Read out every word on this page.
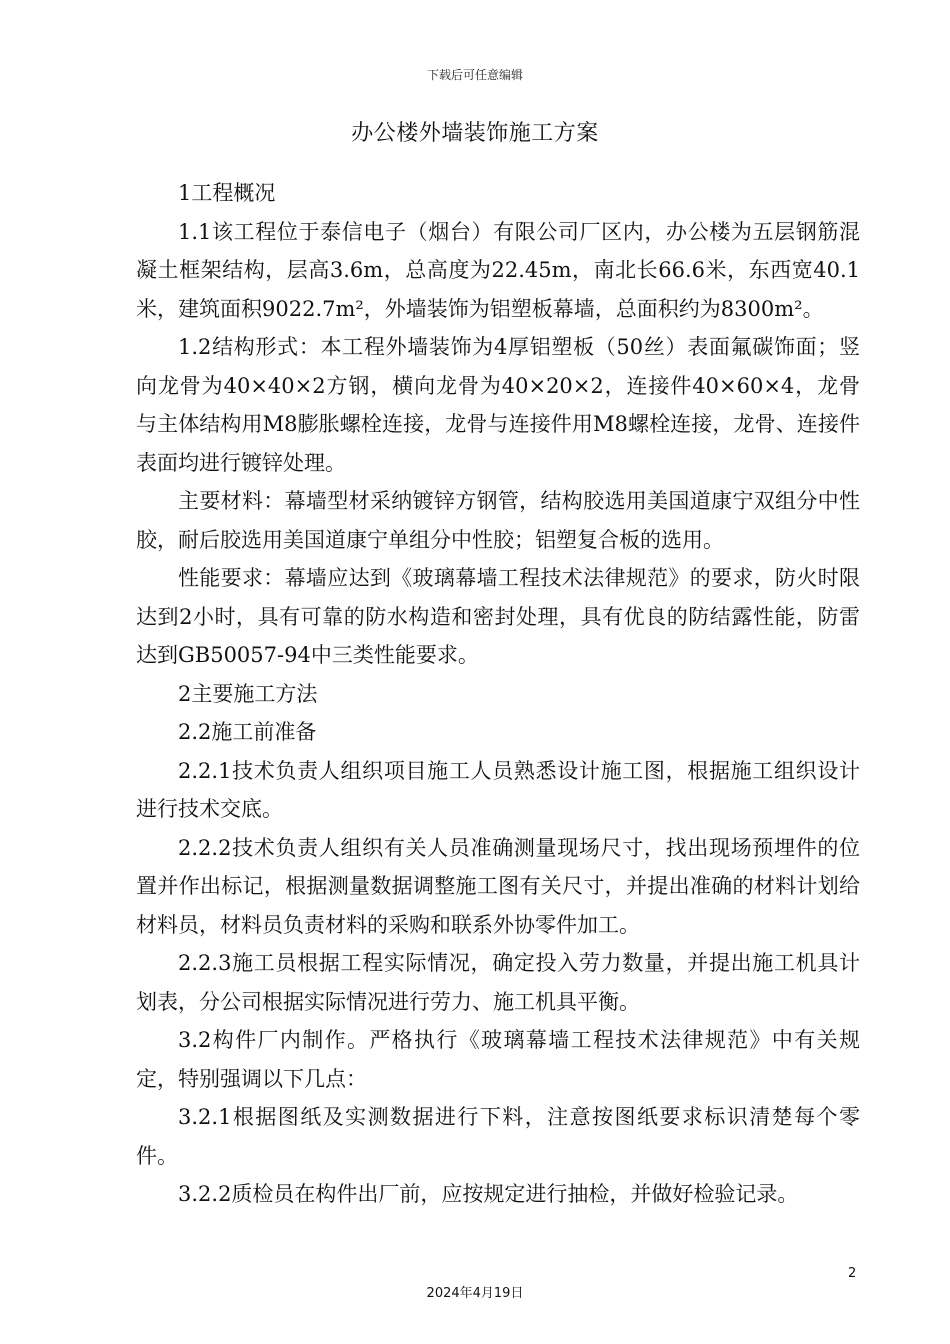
下载后可任意编辑
办公楼外墙装饰施工方案

1工程概况

1.1该工程位于泰信电子（烟台）有限公司厂区内，办公楼为五层钢筋混凝土框架结构，层高3.6m，总高度为22.45m，南北长66.6米，东西宽40.1米，建筑面积9022.7m²，外墙装饰为铝塑板幕墙，总面积约为8300m²。

1.2结构形式：本工程外墙装饰为4厚铝塑板（50丝）表面氟碳饰面；竖向龙骨为40×40×2方钢，横向龙骨为40×20×2，连接件40×60×4，龙骨与主体结构用M8膨胀螺栓连接，龙骨与连接件用M8螺栓连接，龙骨、连接件表面均进行镀锌处理。

主要材料：幕墙型材采纳镀锌方钢管，结构胶选用美国道康宁双组分中性胶，耐后胶选用美国道康宁单组分中性胶；铝塑复合板的选用。

性能要求：幕墙应达到《玻璃幕墙工程技术法律规范》的要求，防火时限达到2小时，具有可靠的防水构造和密封处理，具有优良的防结露性能，防雷达到GB50057-94中三类性能要求。

2主要施工方法

2.2施工前准备

2.2.1技术负责人组织项目施工人员熟悉设计施工图，根据施工组织设计进行技术交底。

2.2.2技术负责人组织有关人员准确测量现场尺寸，找出现场预埋件的位置并作出标记，根据测量数据调整施工图有关尺寸，并提出准确的材料计划给材料员，材料员负责材料的采购和联系外协零件加工。

2.2.3施工员根据工程实际情况，确定投入劳力数量，并提出施工机具计划表，分公司根据实际情况进行劳力、施工机具平衡。

3.2构件厂内制作。严格执行《玻璃幕墙工程技术法律规范》中有关规定，特别强调以下几点：

3.2.1根据图纸及实测数据进行下料，注意按图纸要求标识清楚每个零件。

3.2.2质检员在构件出厂前，应按规定进行抽检，并做好检验记录。

2
2024年4月19日
